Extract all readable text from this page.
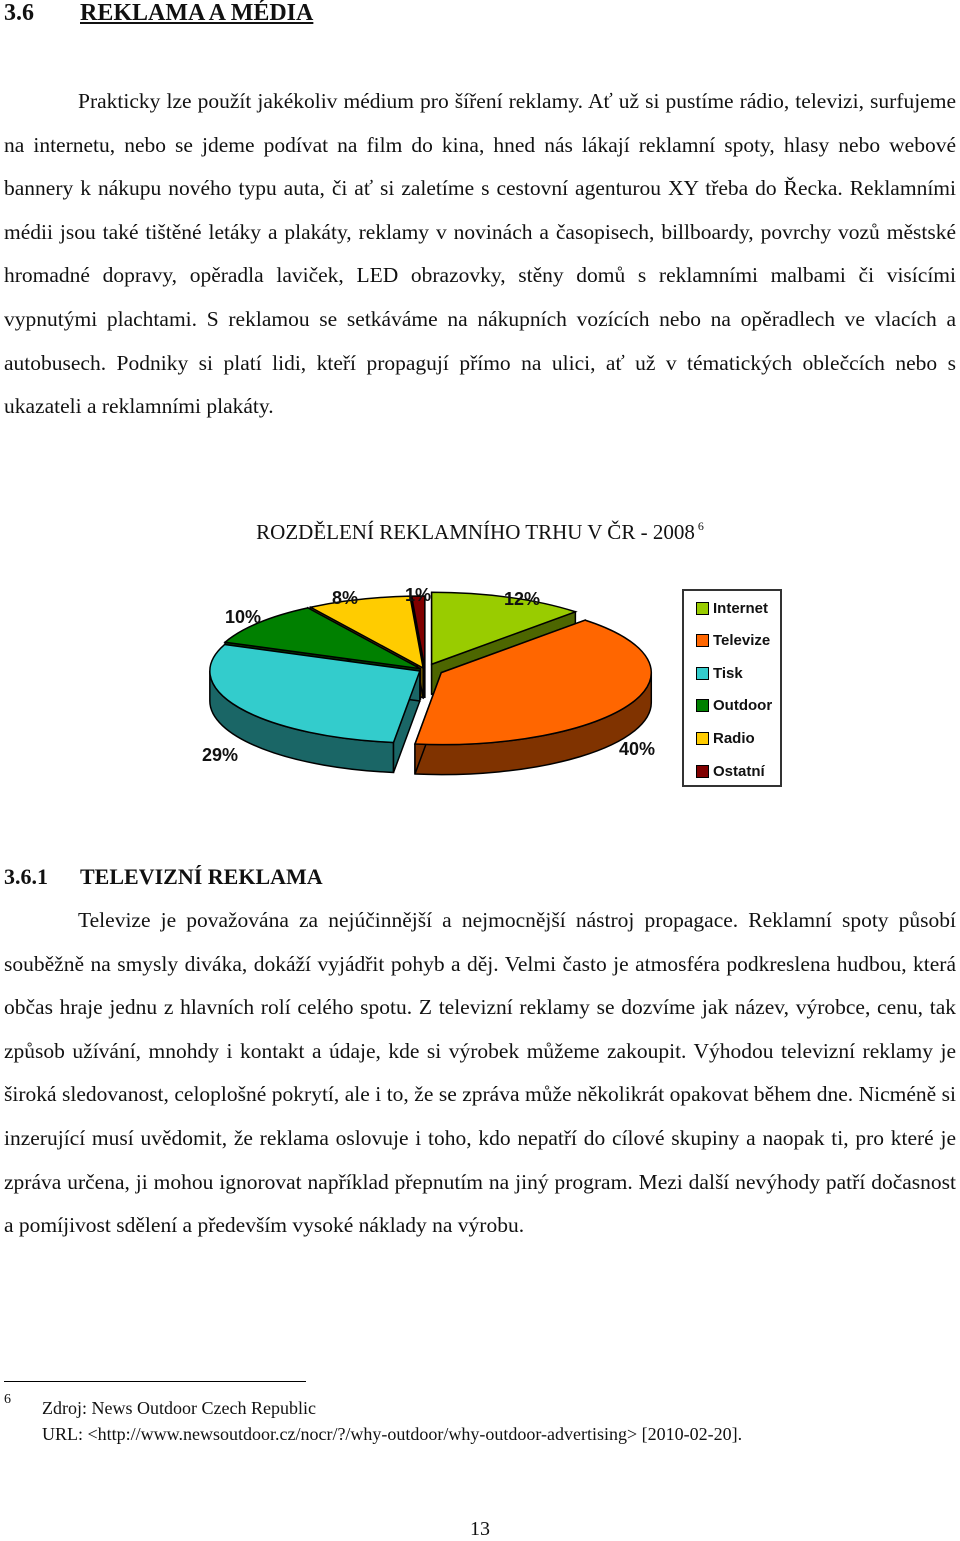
3.6 REKLAMA A MÉDIA

Prakticky lze použít jakékoliv médium pro šíření reklamy. Ať už si pustíme rádio, televizi, surfujeme na internetu, nebo se jdeme podívat na film do kina, hned nás lákají reklamní spoty, hlasy nebo webové bannery k nákupu nového typu auta, či ať si zaletíme s cestovní agenturou XY třeba do Řecka. Reklamními médii jsou také tištěné letáky a plakáty, reklamy v novinách a časopisech, billboardy, povrchy vozů městské hromadné dopravy, opěradla laviček, LED obrazovky, stěny domů s reklamními malbami či visícími vypnutými plachtami. S reklamou se setkáváme na nákupních vozících nebo na opěradlech ve vlacích a autobusech. Podniky si platí lidi, kteří propagují přímo na ulici, ať už v tématických oblečcích nebo s ukazateli a reklamními plakáty.

ROZDĚLENÍ REKLAMNÍHO TRHU V ČR - 2008 $^6$
12%
40%
29%
10%
8%	1%
Internet
Televize
Tisk
Outdoor
Radio
Ostatní
3.6.1 TELEVIZNÍ REKLAMA

Televize je považována za nejúčinnější a nejmocnější nástroj propagace. Reklamní spoty působí souběžně na smysly diváka, dokáží vyjádřit pohyb a děj. Velmi často je atmosféra podkreslena hudbou, která občas hraje jednu z hlavních rolí celého spotu. Z televizní reklamy se dozvíme jak název, výrobce, cenu, tak způsob užívání, mnohdy i kontakt a údaje, kde si výrobek můžeme zakoupit. Výhodou televizní reklamy je široká sledovanost, celoplošné pokrytí, ale i to, že se zpráva může několikrát opakovat během dne. Nicméně si inzerující musí uvědomit, že reklama oslovuje i toho, kdo nepatří do cílové skupiny a naopak ti, pro které je zpráva určena, ji mohou ignorovat například přepnutím na jiný program. Mezi další nevýhody patří dočasnost a pomíjivost sdělení a především vysoké náklady na výrobu.

6 Zdroj: News Outdoor Czech Republic
URL: <http://www.newsoutdoor.cz/nocr/?/why-outdoor/why-outdoor-advertising> [2010-02-20].
13
